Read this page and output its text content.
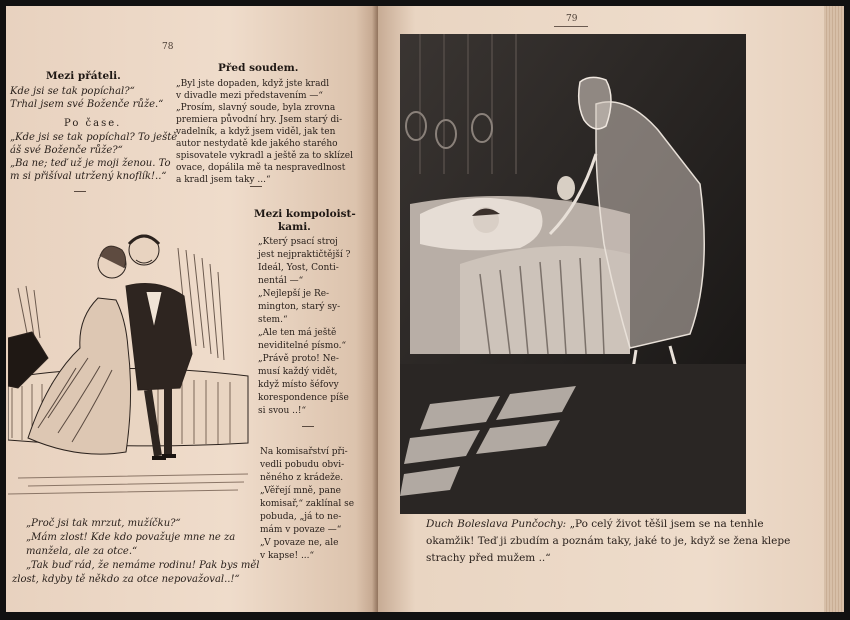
78
Mezi přáteli.
Kde jsi se tak popíchal?“
Trhal jsem své Boženče růže.“
Po čase.
„Kde jsi se tak popíchal? To ještě
áš své Boženče růže?“
„Ba ne; teď už je moji ženou. To
m si přišíval utržený knoflík!..“
Před soudem.
„Byl jste dopaden, když jste kradl
v divadle mezi představením —“
„Prosím, slavný soude, byla zrovna
premiera původní hry. Jsem starý di-
vadelník, a když jsem viděl, jak ten
autor nestydatě kde jakého starého
spisovatele vykradl a ještě za to sklízel
ovace, dopálila mě ta nespravedlnost
a kradl jsem taky ...“
Mezi kompoloist-
kami.
„Který psací stroj
jest nejpraktičtější ?
Ideál, Yost, Conti-
nentál —“
„Nejlepší je Re-
mington, starý sy-
stem.“
„Ale ten má ještě
neviditelné písmo.“
„Právě proto! Ne-
musí každý vidět,
když místo šéfovy
korespondence píše
si svou ..!“
Na komisařství při-
vedli pobudu obvi-
něného z krádeže.
„Věřejí mně, pane
komisař,“ zaklínal se
pobuda, „já to ne-
mám v povaze —“
„V povaze ne, ale
v kapse! ...“
„Proč jsi tak mrzut, mužíčku?“
„Mám zlost! Kde kdo považuje mne ne za
manžela, ale za otce.“
„Tak buď rád, že nemáme rodinu! Pak bys měl
zlost, kdyby tě někdo za otce nepovažoval..!“
79
Duch Boleslava Punčochy: „Po celý život těšil jsem se na tenhle
okamžik! Teď ji zbudím a poznám taky, jaké to je, když se žena klepe
strachy před mužem ..“
